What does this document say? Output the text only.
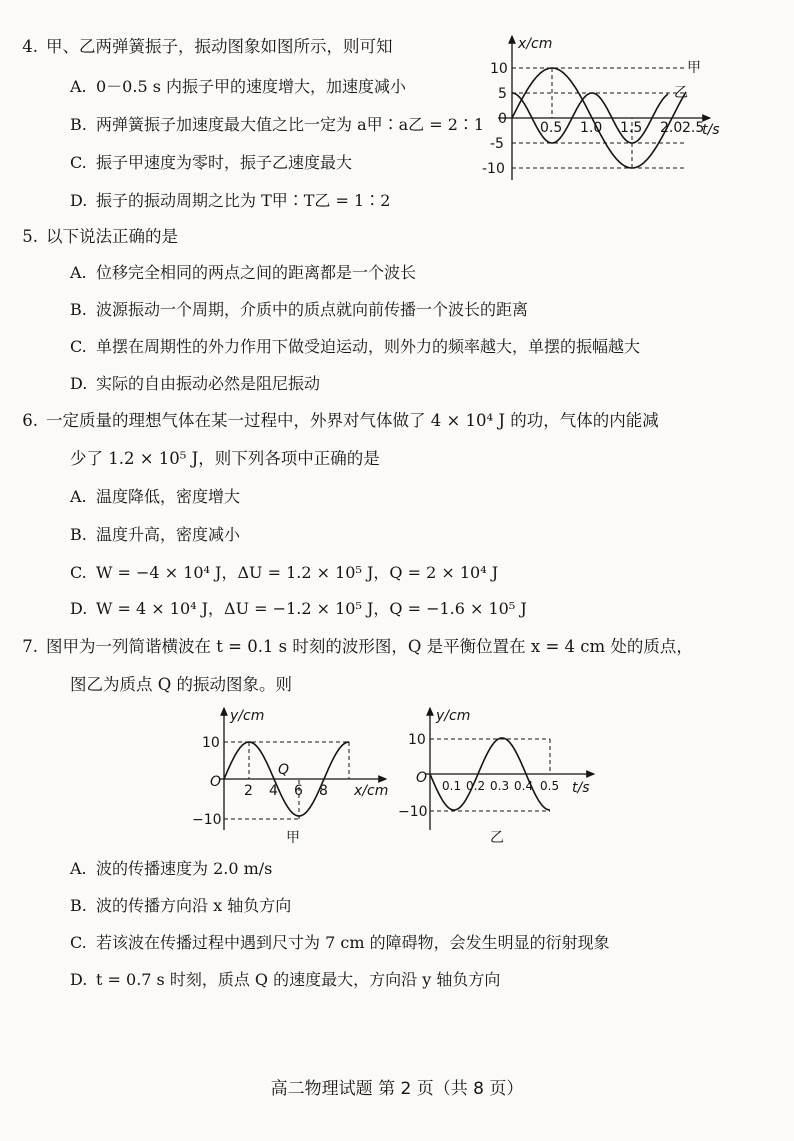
4. 甲、乙两弹簧振子，振动图象如图所示，则可知
A. 0－0.5 s 内振子甲的速度增大，加速度减小
B. 两弹簧振子加速度最大值之比一定为 a甲∶a乙 = 2∶1
C. 振子甲速度为零时，振子乙速度最大
D. 振子的振动周期之比为 T甲∶T乙 = 1∶2
x/cm
t/s
10
5
0
-5
-10
0.5 1.0 1.5 2.0 2.5
甲
乙
5. 以下说法正确的是
A. 位移完全相同的两点之间的距离都是一个波长
B. 波源振动一个周期，介质中的质点就向前传播一个波长的距离
C. 单摆在周期性的外力作用下做受迫运动，则外力的频率越大，单摆的振幅越大
D. 实际的自由振动必然是阻尼振动
6. 一定质量的理想气体在某一过程中，外界对气体做了 4 × 10⁴ J 的功，气体的内能减
少了 1.2 × 10⁵ J，则下列各项中正确的是
A. 温度降低，密度增大
B. 温度升高，密度减小
C. W = −4 × 10⁴ J，ΔU = 1.2 × 10⁵ J，Q = 2 × 10⁴ J
D. W = 4 × 10⁴ J，ΔU = −1.2 × 10⁵ J，Q = −1.6 × 10⁵ J
7. 图甲为一列简谐横波在 t = 0.1 s 时刻的波形图，Q 是平衡位置在 x = 4 cm 处的质点，
图乙为质点 Q 的振动图象。则
y/cm
10
O
−10
2 4 6 8
Q
x/cm
甲
y/cm
10
O
−10
0.1 0.2 0.3 0.4 0.5 t/s
乙
A. 波的传播速度为 2.0 m/s
B. 波的传播方向沿 x 轴负方向
C. 若该波在传播过程中遇到尺寸为 7 cm 的障碍物，会发生明显的衍射现象
D. t = 0.7 s 时刻，质点 Q 的速度最大，方向沿 y 轴负方向
高二物理试题 第 2 页（共 8 页）
